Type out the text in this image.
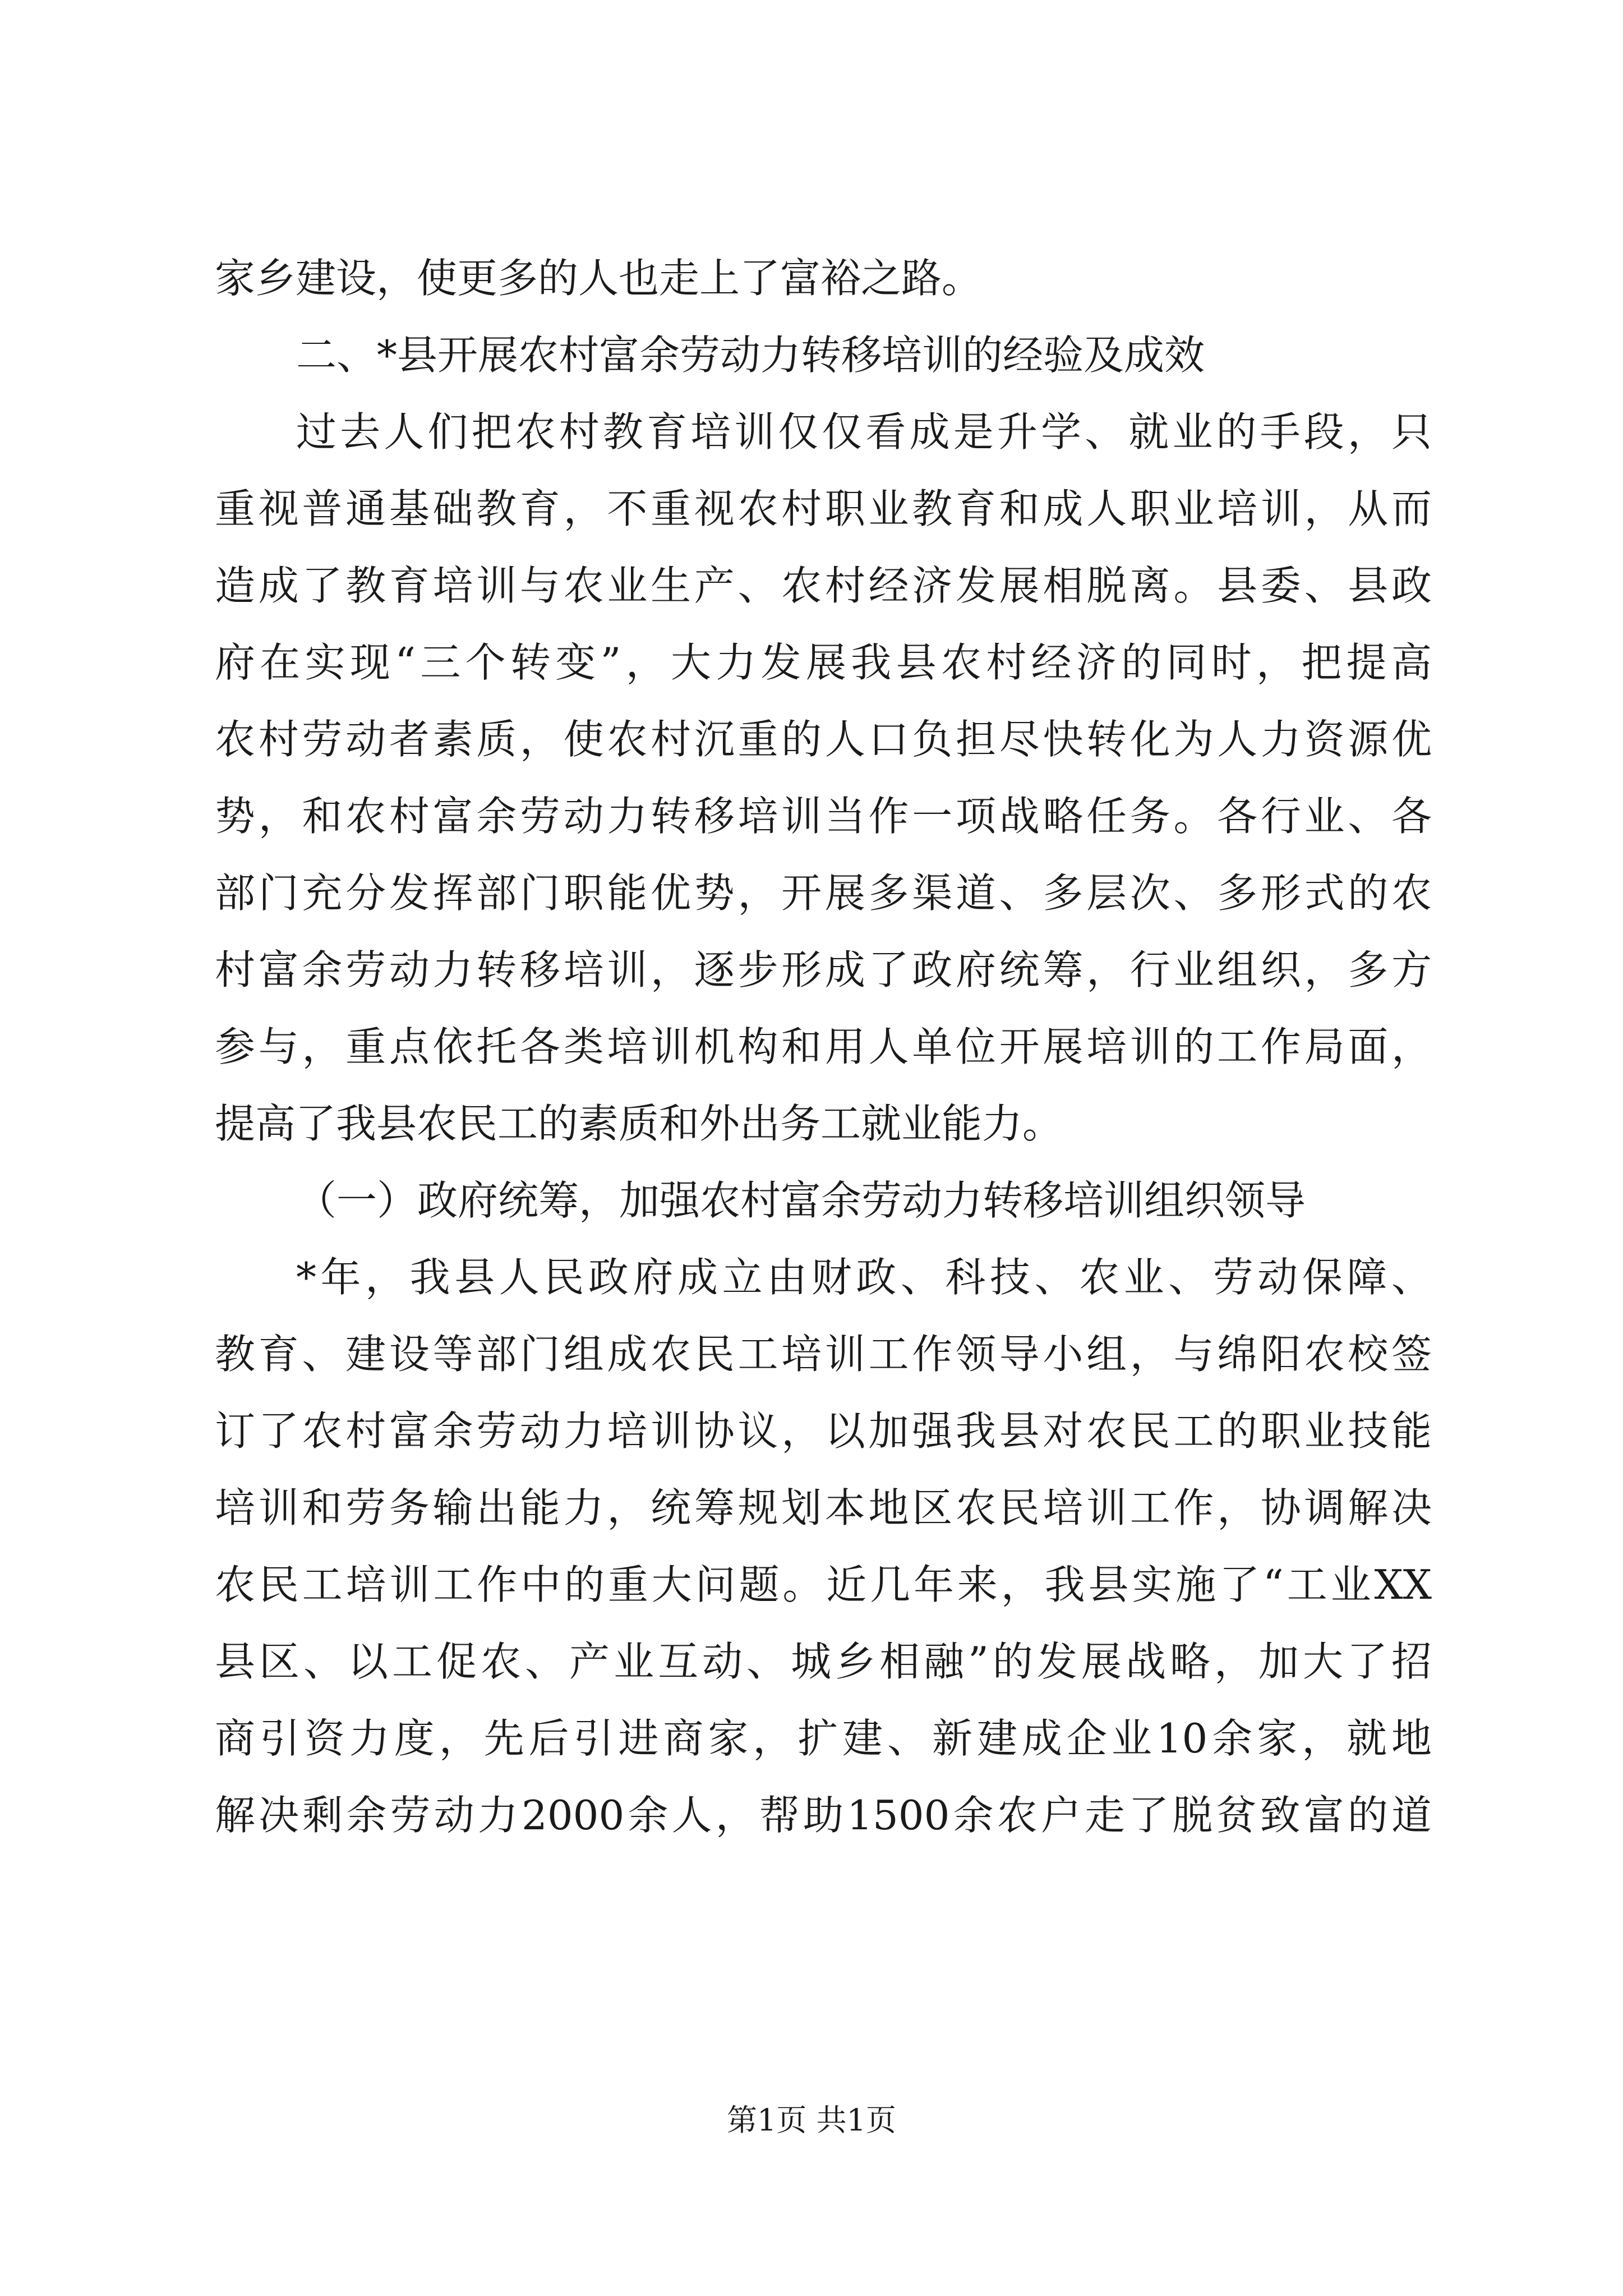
家乡建设，使更多的人也走上了富裕之路。
二、*县开展农村富余劳动力转移培训的经验及成效
过去人们把农村教育培训仅仅看成是升学、就业的手段，只
重视普通基础教育，不重视农村职业教育和成人职业培训，从而
造成了教育培训与农业生产、农村经济发展相脱离。县委、县政
府在实现“三个转变”，大力发展我县农村经济的同时，把提高
农村劳动者素质，使农村沉重的人口负担尽快转化为人力资源优
势，和农村富余劳动力转移培训当作一项战略任务。各行业、各
部门充分发挥部门职能优势，开展多渠道、多层次、多形式的农
村富余劳动力转移培训，逐步形成了政府统筹，行业组织，多方
参与，重点依托各类培训机构和用人单位开展培训的工作局面，
提高了我县农民工的素质和外出务工就业能力。
（一）政府统筹，加强农村富余劳动力转移培训组织领导
*年，我县人民政府成立由财政、科技、农业、劳动保障、
教育、建设等部门组成农民工培训工作领导小组，与绵阳农校签
订了农村富余劳动力培训协议，以加强我县对农民工的职业技能
培训和劳务输出能力，统筹规划本地区农民培训工作，协调解决
农民工培训工作中的重大问题。近几年来，我县实施了“工业XX
县区、以工促农、产业互动、城乡相融”的发展战略，加大了招
商引资力度，先后引进商家，扩建、新建成企业10余家，就地
解决剩余劳动力2000余人，帮助1500余农户走了脱贫致富的道
第1页 共1页
